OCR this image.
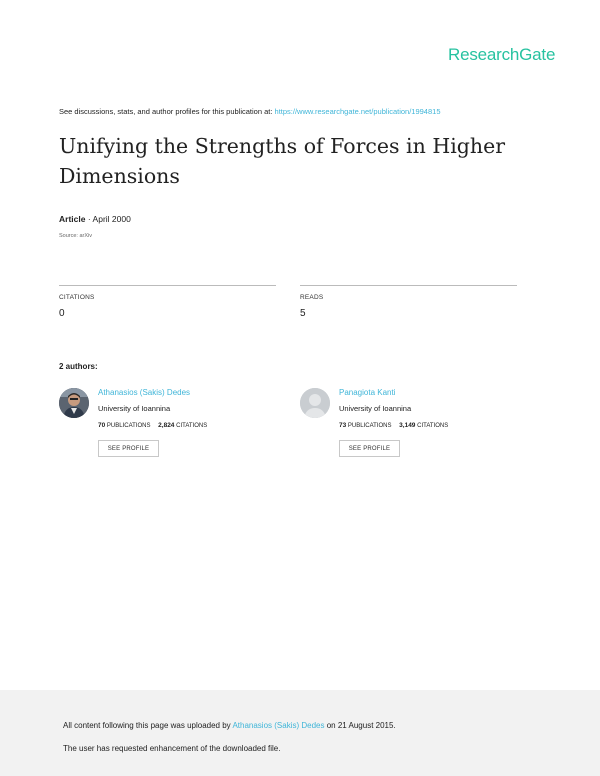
ResearchGate
See discussions, stats, and author profiles for this publication at: https://www.researchgate.net/publication/1994815
Unifying the Strengths of Forces in Higher Dimensions
Article · April 2000
Source: arXiv
CITATIONS
0
READS
5
2 authors:
Athanasios (Sakis) Dedes
University of Ioannina
70 PUBLICATIONS 2,824 CITATIONS
SEE PROFILE
Panagiota Kanti
University of Ioannina
73 PUBLICATIONS 3,149 CITATIONS
SEE PROFILE
All content following this page was uploaded by Athanasios (Sakis) Dedes on 21 August 2015.
The user has requested enhancement of the downloaded file.
